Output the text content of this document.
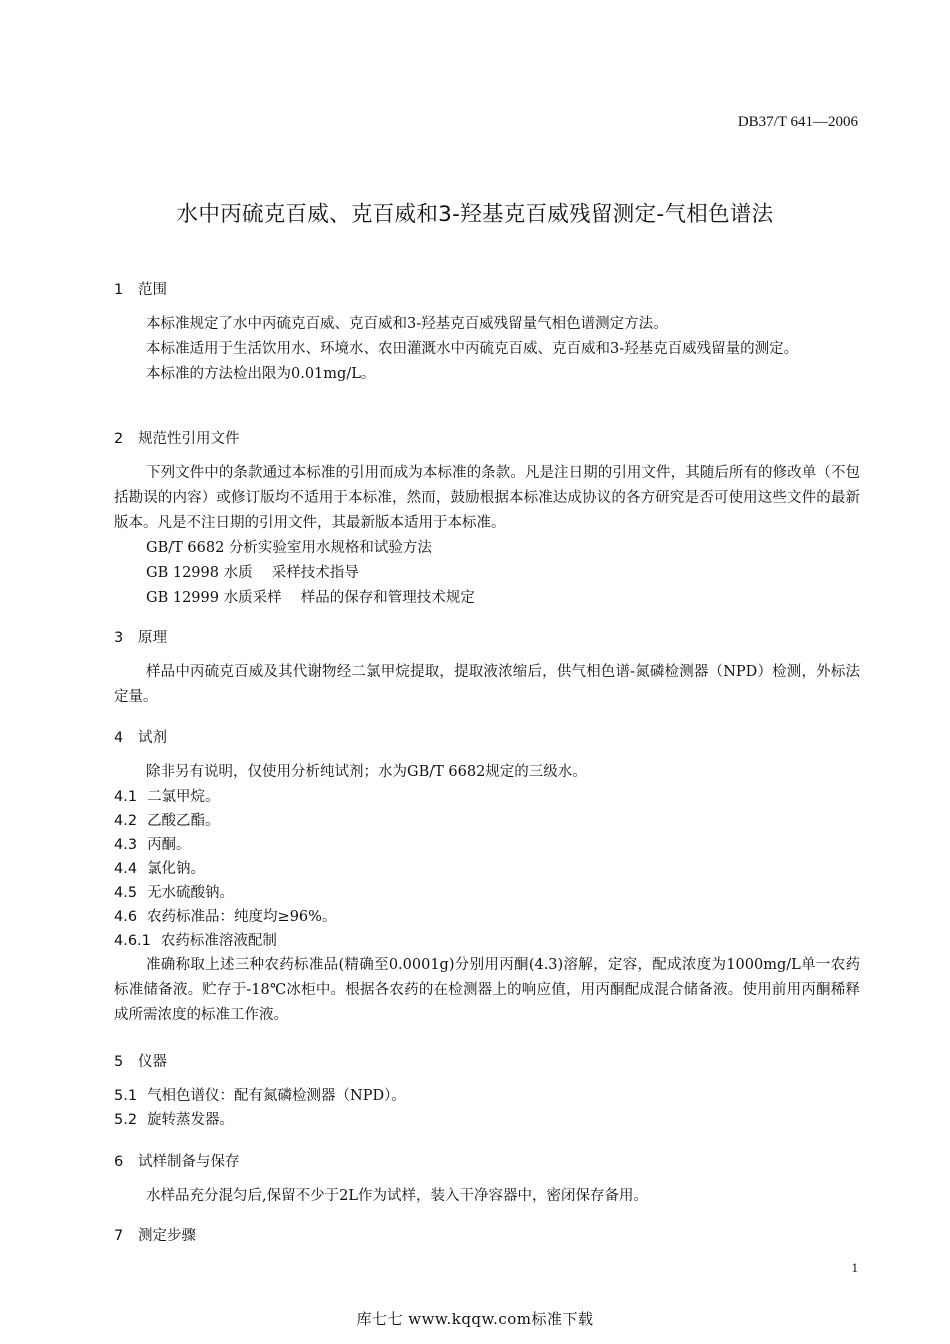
DB37/T 641—2006
水中丙硫克百威、克百威和3-羟基克百威残留测定-气相色谱法
1 范围
本标准规定了水中丙硫克百威、克百威和3-羟基克百威残留量气相色谱测定方法。
本标准适用于生活饮用水、环境水、农田灌溉水中丙硫克百威、克百威和3-羟基克百威残留量的测定。
本标准的方法检出限为0.01mg/L。
2 规范性引用文件
下列文件中的条款通过本标准的引用而成为本标准的条款。凡是注日期的引用文件，其随后所有的修改单（不包括勘误的内容）或修订版均不适用于本标准，然而，鼓励根据本标准达成协议的各方研究是否可使用这些文件的最新版本。凡是不注日期的引用文件，其最新版本适用于本标准。
GB/T 6682 分析实验室用水规格和试验方法
GB 12998 水质　 采样技术指导
GB 12999 水质采样　 样品的保存和管理技术规定
3 原理
样品中丙硫克百威及其代谢物经二氯甲烷提取，提取液浓缩后，供气相色谱-氮磷检测器（NPD）检测，外标法定量。
4 试剂
除非另有说明，仅使用分析纯试剂；水为GB/T 6682规定的三级水。
4.1 二氯甲烷。
4.2 乙酸乙酯。
4.3 丙酮。
4.4 氯化钠。
4.5 无水硫酸钠。
4.6 农药标准品：纯度均≥96%。
4.6.1 农药标准溶液配制
准确称取上述三种农药标准品(精确至0.0001g)分别用丙酮(4.3)溶解，定容，配成浓度为1000mg/L单一农药标准储备液。贮存于-18℃冰柜中。根据各农药的在检测器上的响应值，用丙酮配成混合储备液。使用前用丙酮稀释成所需浓度的标准工作液。
5 仪器
5.1 气相色谱仪：配有氮磷检测器（NPD）。
5.2 旋转蒸发器。
6 试样制备与保存
水样品充分混匀后,保留不少于2L作为试样，装入干净容器中，密闭保存备用。
7 测定步骤
1
库七七 www.kqqw.com标准下载
